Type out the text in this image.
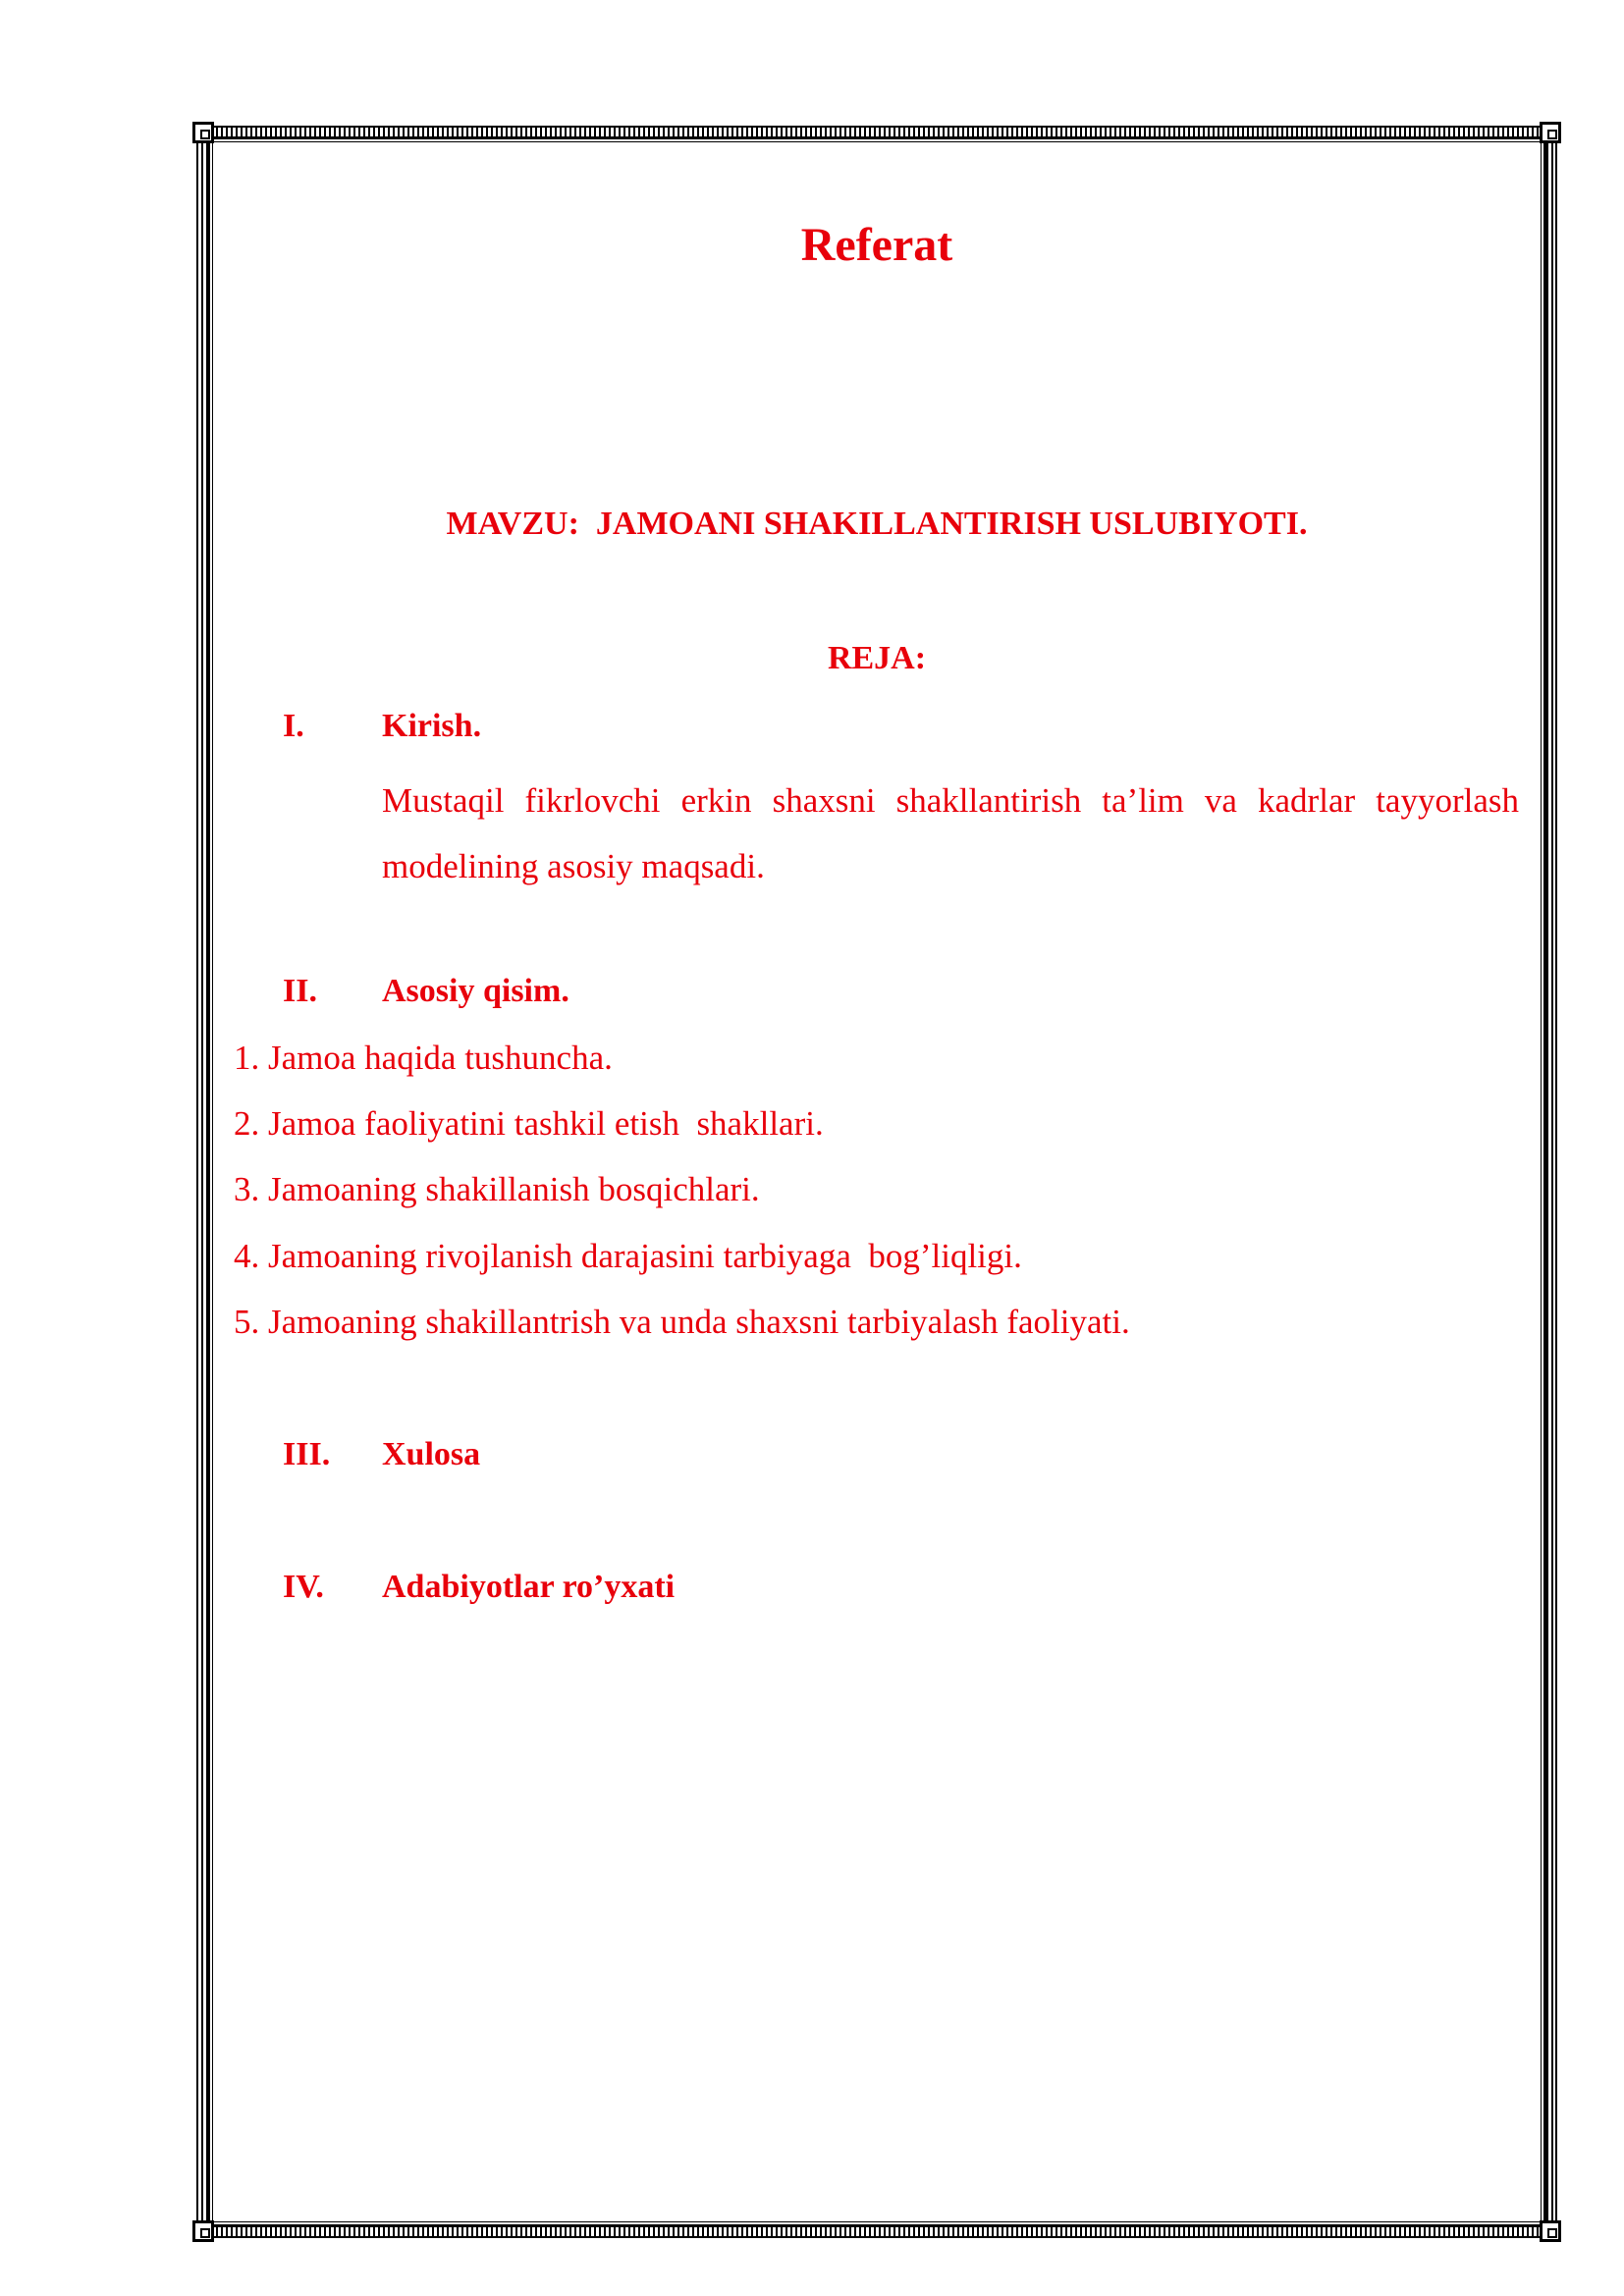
Referat
MAVZU:  JAMOANI SHAKILLANTIRISH USLUBIYOTI.
REJA:
I. Kirish.
Mustaqil fikrlovchi erkin shaxsni shakllantirish ta’lim va kadrlar tayyorlash modelining asosiy maqsadi.
II. Asosiy qisim.
1. Jamoa haqida tushuncha.
2. Jamoa faoliyatini tashkil etish  shakllari.
3. Jamoaning shakillanish bosqichlari.
4. Jamoaning rivojlanish darajasini tarbiyaga  bog’liqligi.
5. Jamoaning shakillantrish va unda shaxsni tarbiyalash faoliyati.
III. Xulosa
IV. Adabiyotlar ro’yxati
